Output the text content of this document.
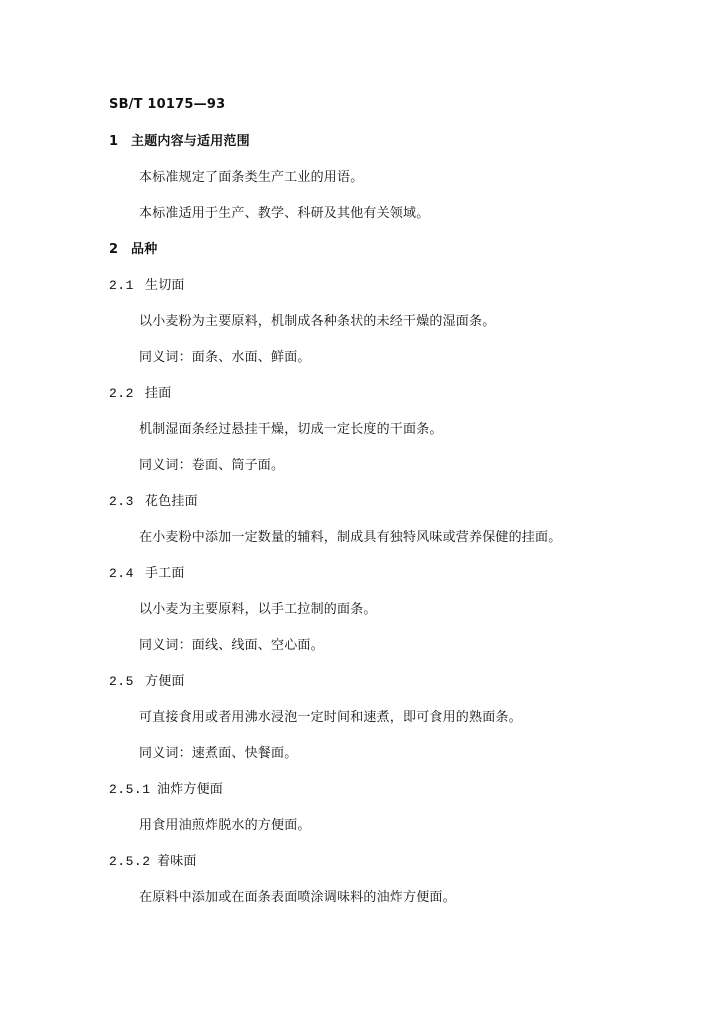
SB/T 10175—93
1 主题内容与适用范围
本标准规定了面条类生产工业的用语。
本标准适用于生产、教学、科研及其他有关领域。
2 品种
2.1 生切面
以小麦粉为主要原料，机制成各种条状的未经干燥的湿面条。
同义词：面条、水面、鲜面。
2.2 挂面
机制湿面条经过悬挂干燥，切成一定长度的干面条。
同义词：卷面、筒子面。
2.3 花色挂面
在小麦粉中添加一定数量的辅料，制成具有独特风味或营养保健的挂面。
2.4 手工面
以小麦为主要原料，以手工拉制的面条。
同义词：面线、线面、空心面。
2.5 方便面
可直接食用或者用沸水浸泡一定时间和速煮，即可食用的熟面条。
同义词：速煮面、快餐面。
2.5.1 油炸方便面
用食用油煎炸脱水的方便面。
2.5.2 着味面
在原料中添加或在面条表面喷涂调味料的油炸方便面。
